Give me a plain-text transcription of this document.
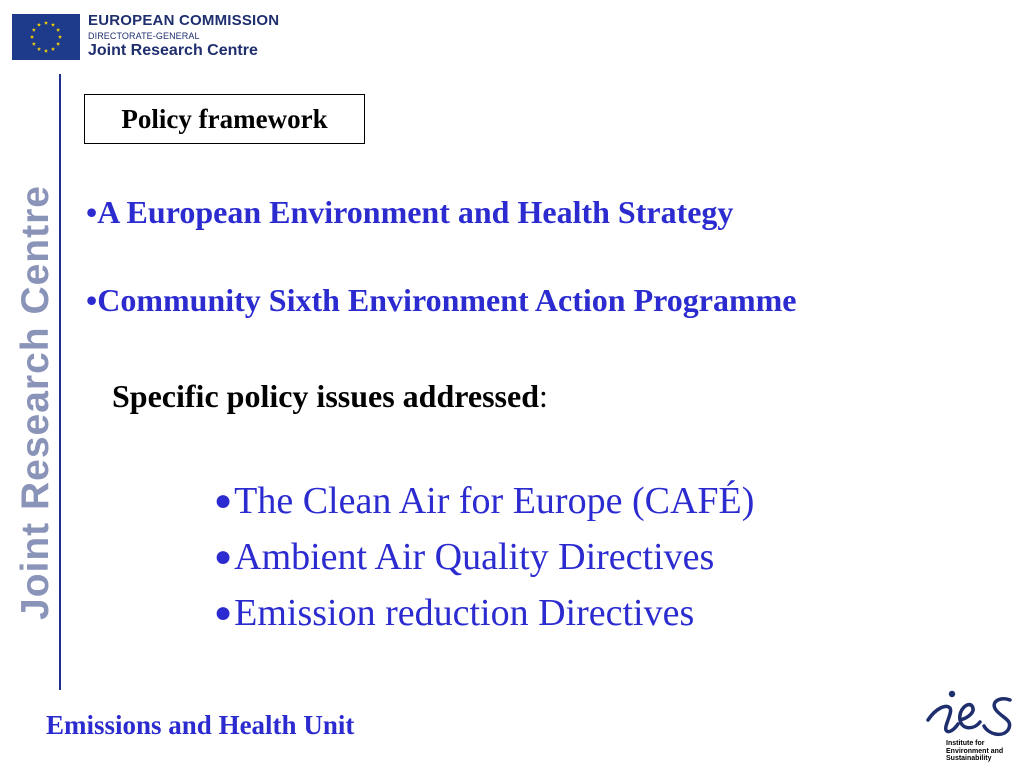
EUROPEAN COMMISSION
DIRECTORATE-GENERAL
Joint Research Centre
Joint Research Centre
Policy framework
•A European Environment and Health Strategy
•Community Sixth Environment Action Programme
Specific policy issues addressed:
●The Clean Air for Europe (CAFÉ)
●Ambient Air Quality Directives
●Emission reduction Directives
Emissions and Health Unit
Institute for
Environment and
Sustainability
